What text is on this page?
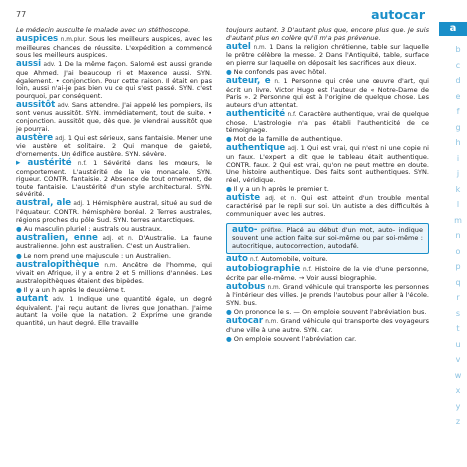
77	autocar

Le médecin ausculte le malade avec un stéthoscope.

auspices n.m.plur. Sous les meilleurs auspices, avec les meilleures chances de réussite. L'expédition a commencé sous les meilleurs auspices.

aussi adv. 1 De la même façon. Salomé est aussi grande que Ahmed. J'ai beaucoup ri et Maxence aussi. SYN. également. • conjonction. Pour cette raison. Il était en pas loin, aussi n'ai-je pas bien vu ce qui s'est passé. SYN. c'est pourquoi, par conséquent.

aussitôt adv. Sans attendre. J'ai appelé les pompiers, ils sont venus aussitôt. SYN. immédiatement, tout de suite. • conjonction. aussitôt que, dès que. Je viendrai aussitôt que je pourrai.

austère adj. 1 Qui est sérieux, sans fantaisie. Mener une vie austère et solitaire. 2 Qui manque de gaieté, d'ornements. Un édifice austère. SYN. sévère.

▸ austérité n.f. 1 Sévérité dans les mœurs, le comportement. L'austérité de la vie monacale. SYN. rigueur. CONTR. fantaisie. 2 Absence de tout ornement, de toute fantaisie. L'austérité d'un style architectural. SYN. sévérité.

austral, ale adj. 1 Hémisphère austral, situé au sud de l'équateur. CONTR. hémisphère boréal. 2 Terres australes, régions proches du pôle Sud. SYN. terres antarctiques.

● Au masculin pluriel : australs ou austraux.

australien, enne adj. et n. D'Australie. La faune australienne. John est australien. C'est un Australien.

● Le nom prend une majuscule : un Australien.

australopithèque n.m. Ancêtre de l'homme, qui vivait en Afrique, il y a entre 2 et 5 millions d'années. Les australopithèques étaient des bipèdes.

● Il y a un h après le deuxième t.

autant adv. 1 Indique une quantité égale, un degré équivalent. J'ai reçu autant de livres que Jonathan. J'aime autant la voile que la natation. 2 Exprime une grande quantité, un haut degré. Elle travaille

toujours autant. 3 D'autant plus que, encore plus que. Je suis d'autant plus en colère qu'il m'a pas prévenue.

autel n.m. 1 Dans la religion chrétienne, table sur laquelle le prêtre célèbre la messe. 2 Dans l'Antiquité, table, surface en pierre sur laquelle on déposait les sacrifices aux dieux.

● Ne confonds pas avec hôtel.

auteur, e n. 1 Personne qui crée une œuvre d'art, qui écrit un livre. Victor Hugo est l'auteur de « Notre-Dame de Paris ». 2 Personne qui est à l'origine de quelque chose. Les auteurs d'un attentat.

authenticité n.f. Caractère authentique, vrai de quelque chose. L'astrologie n'a pas établi l'authenticité de ce témoignage.

● Mot de la famille de authentique.

authentique adj. 1 Qui est vrai, qui n'est ni une copie ni un faux. L'expert a dit que le tableau était authentique. CONTR. faux. 2 Qui est vrai, qu'on ne peut mettre en doute. Une histoire authentique. Des faits sont authentiques. SYN. réel, véridique.

● Il y a un h après le premier t.

autiste adj. et n. Qui est atteint d'un trouble mental caractérisé par le repli sur soi. Un autiste a des difficultés à communiquer avec les autres.

auto- préfixe. Placé au début d'un mot, auto- indique souvent une action faite sur soi-même ou par soi-même : autocritique, autocorrection, autodafé.

auto n.f. Automobile, voiture.

autobiographie n.f. Histoire de la vie d'une personne, écrite par elle-même. → Voir aussi biographie.

autobus n.m. Grand véhicule qui transporte les personnes à l'intérieur des villes. Je prends l'autobus pour aller à l'école. SYN. bus.

● On prononce le s. — On emploie souvent l'abréviation bus.

autocar n.m. Grand véhicule qui transporte des voyageurs d'une ville à une autre. SYN. car.

● On emploie souvent l'abréviation car.

a
b
c
d
e
f
g
h
i
j
k
l
m
n
o
p
q
r
s
t
u
v
w
x
y
z
